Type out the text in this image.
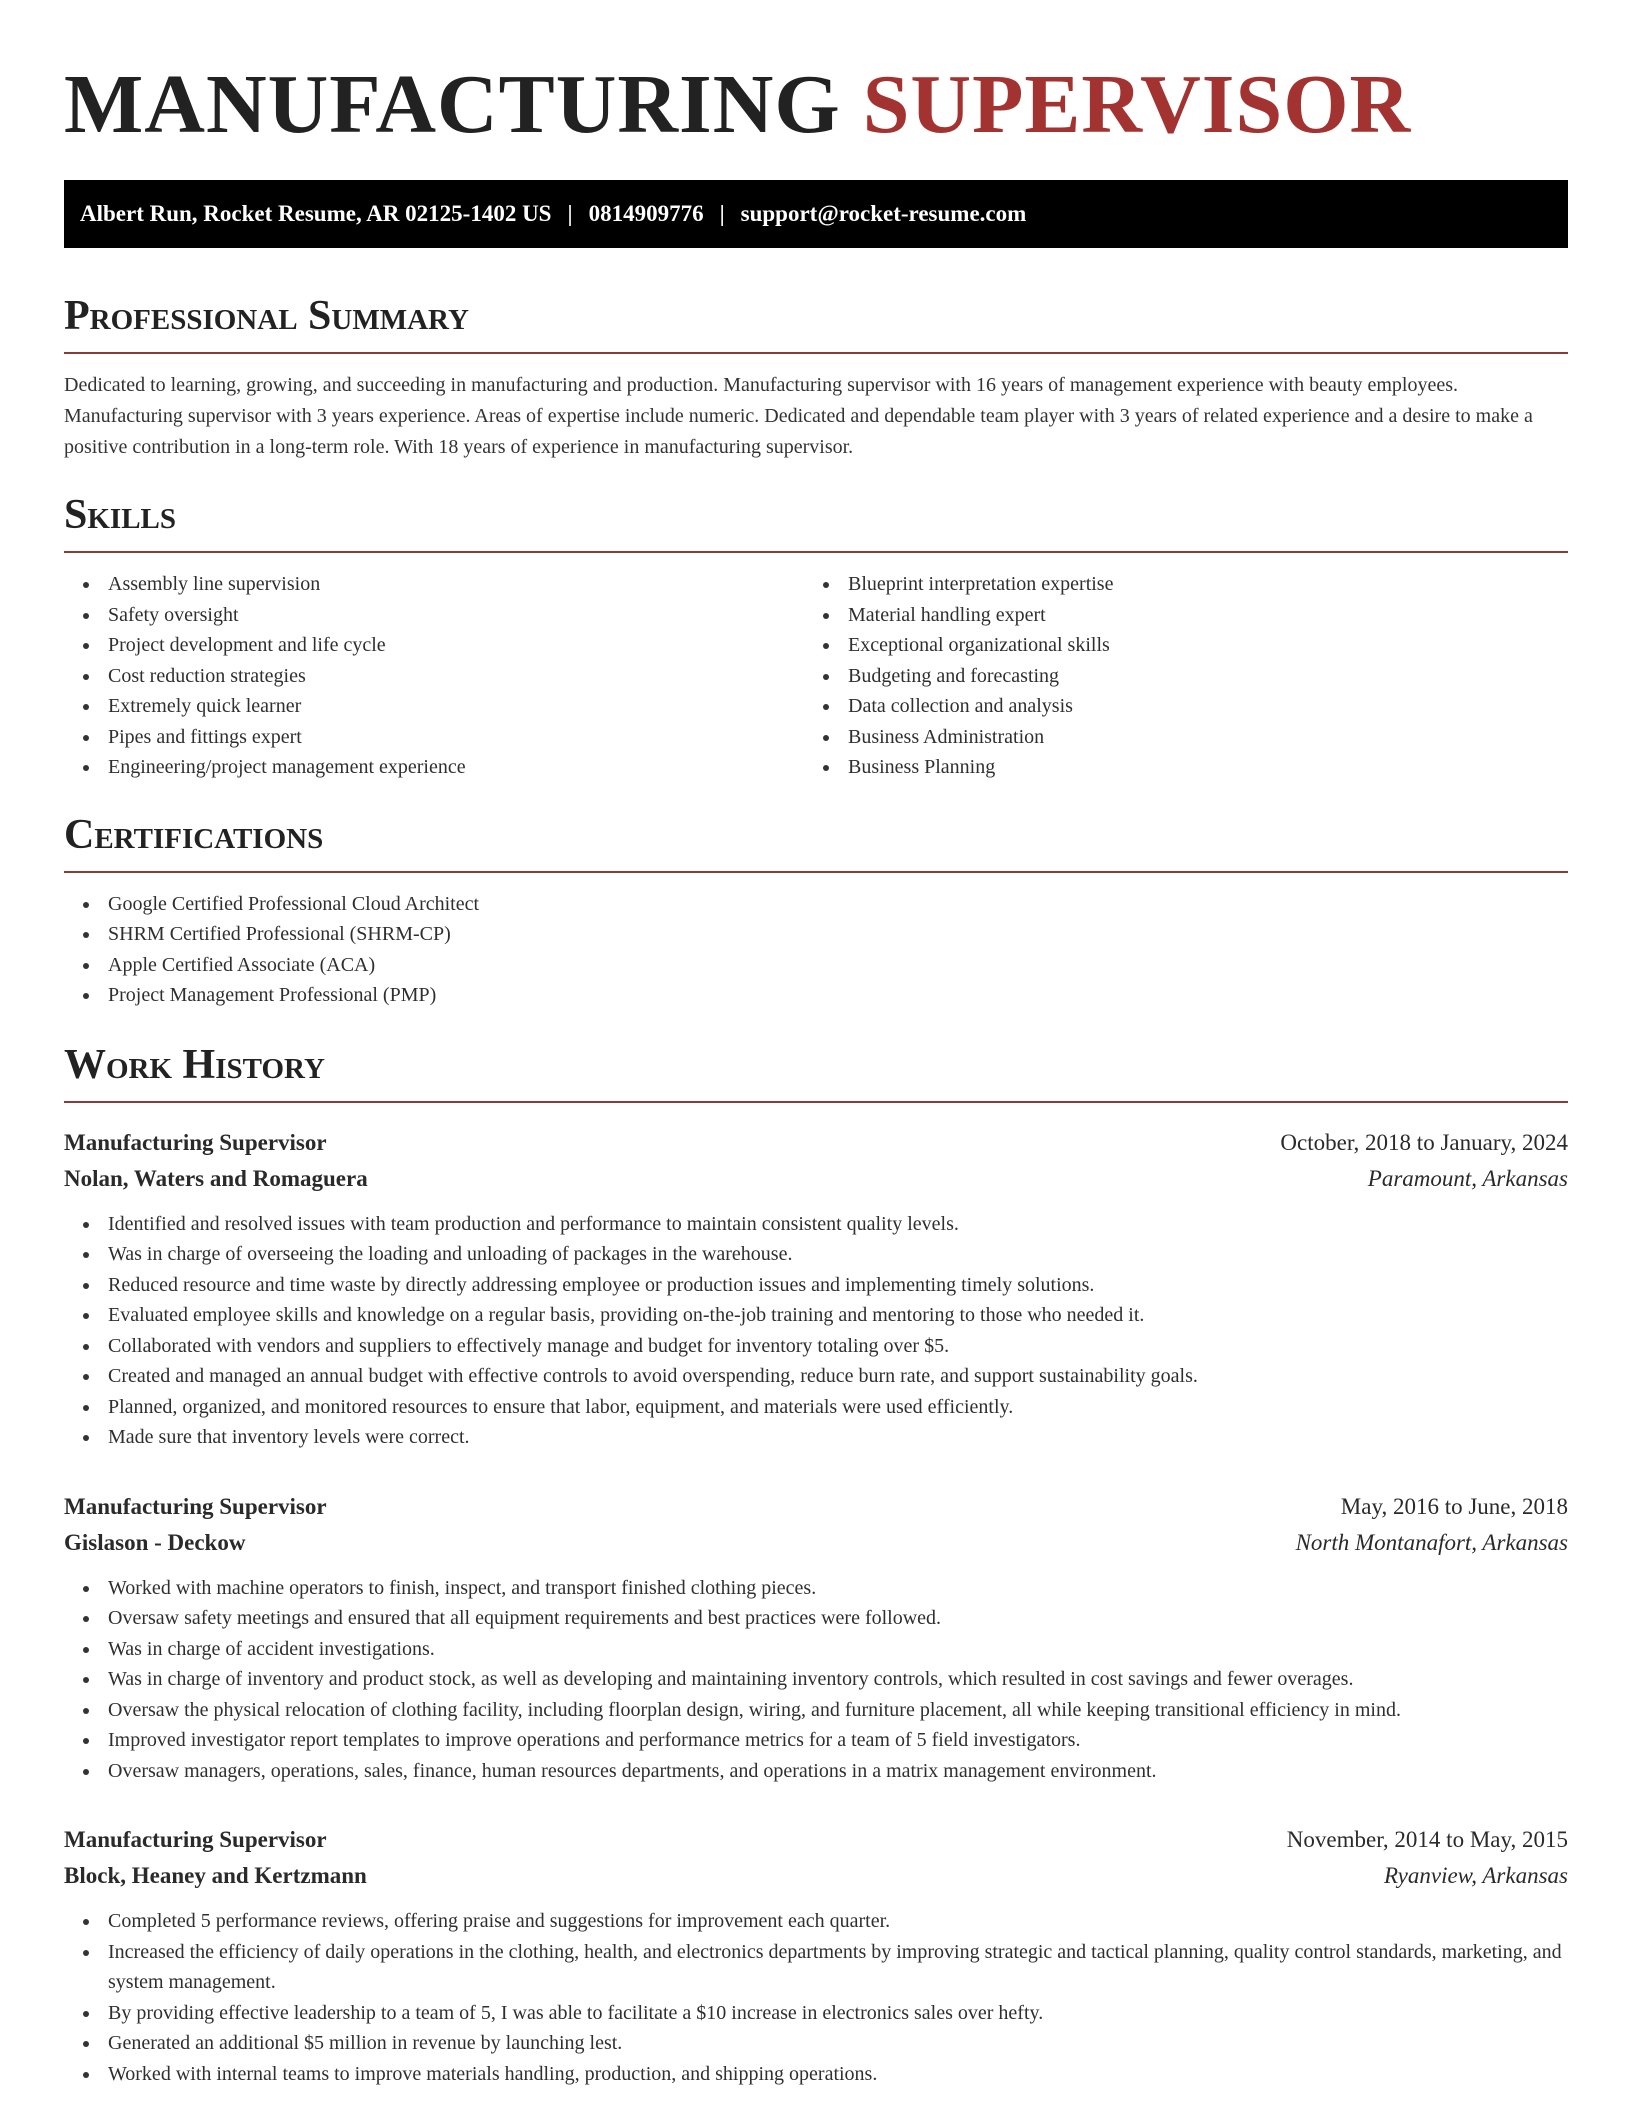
MANUFACTURING SUPERVISOR
Albert Run, Rocket Resume, AR 02125-1402 US | 0814909776 | support@rocket-resume.com
Professional Summary

Dedicated to learning, growing, and succeeding in manufacturing and production. Manufacturing supervisor with 16 years of management experience with beauty employees. Manufacturing supervisor with 3 years experience. Areas of expertise include numeric. Dedicated and dependable team player with 3 years of related experience and a desire to make a positive contribution in a long-term role. With 18 years of experience in manufacturing supervisor.

Skills
Assembly line supervision
Safety oversight
Project development and life cycle
Cost reduction strategies
Extremely quick learner
Pipes and fittings expert
Engineering/project management experience
Blueprint interpretation expertise
Material handling expert
Exceptional organizational skills
Budgeting and forecasting
Data collection and analysis
Business Administration
Business Planning
Certifications
Google Certified Professional Cloud Architect
SHRM Certified Professional (SHRM-CP)
Apple Certified Associate (ACA)
Project Management Professional (PMP)
Work History
Manufacturing Supervisor	October, 2018 to January, 2024
Nolan, Waters and Romaguera	Paramount, Arkansas
Identified and resolved issues with team production and performance to maintain consistent quality levels.
Was in charge of overseeing the loading and unloading of packages in the warehouse.
Reduced resource and time waste by directly addressing employee or production issues and implementing timely solutions.
Evaluated employee skills and knowledge on a regular basis, providing on-the-job training and mentoring to those who needed it.
Collaborated with vendors and suppliers to effectively manage and budget for inventory totaling over $5.
Created and managed an annual budget with effective controls to avoid overspending, reduce burn rate, and support sustainability goals.
Planned, organized, and monitored resources to ensure that labor, equipment, and materials were used efficiently.
Made sure that inventory levels were correct.
Manufacturing Supervisor	May, 2016 to June, 2018
Gislason - Deckow	North Montanafort, Arkansas
Worked with machine operators to finish, inspect, and transport finished clothing pieces.
Oversaw safety meetings and ensured that all equipment requirements and best practices were followed.
Was in charge of accident investigations.
Was in charge of inventory and product stock, as well as developing and maintaining inventory controls, which resulted in cost savings and fewer overages.
Oversaw the physical relocation of clothing facility, including floorplan design, wiring, and furniture placement, all while keeping transitional efficiency in mind.
Improved investigator report templates to improve operations and performance metrics for a team of 5 field investigators.
Oversaw managers, operations, sales, finance, human resources departments, and operations in a matrix management environment.
Manufacturing Supervisor	November, 2014 to May, 2015
Block, Heaney and Kertzmann	Ryanview, Arkansas
Completed 5 performance reviews, offering praise and suggestions for improvement each quarter.
Increased the efficiency of daily operations in the clothing, health, and electronics departments by improving strategic and tactical planning, quality control standards, marketing, and system management.
By providing effective leadership to a team of 5, I was able to facilitate a $10 increase in electronics sales over hefty.
Generated an additional $5 million in revenue by launching lest.
Worked with internal teams to improve materials handling, production, and shipping operations.
